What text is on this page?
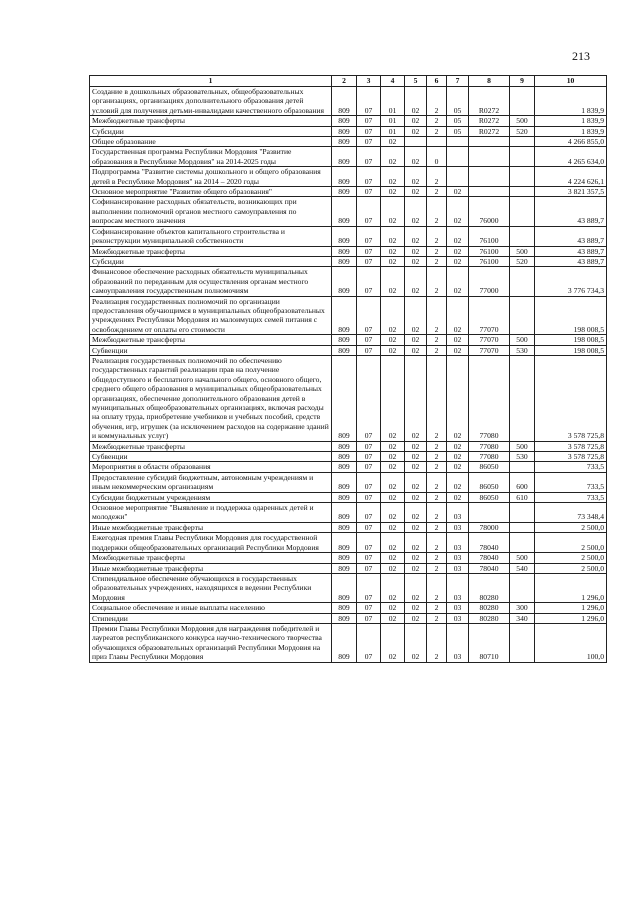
213
1	2	3	4	5	6	7	8	9	10
Создание в дошкольных образовательных, общеобразовательных организациях, организациях дополнительного образования детей условий для получения детьми-инвалидами качественного образования	809	07	01	02	2	05	R0272		1 839,9
Межбюджетные трансферты	809	07	01	02	2	05	R0272	500	1 839,9
Субсидии	809	07	01	02	2	05	R0272	520	1 839,9
Общее образование	809	07	02						4 266 855,0
Государственная программа Республики Мордовия "Развитие образования в Республике Мордовия" на 2014-2025 годы	809	07	02	02	0				4 265 634,0
Подпрограмма "Развитие системы дошкольного и общего образования детей в Республике Мордовия" на 2014 – 2020 годы	809	07	02	02	2				4 224 626,1
Основное мероприятие "Развитие общего образования"	809	07	02	02	2	02			3 821 357,5
Софинансирование расходных обязательств, возникающих при выполнении полномочий органов местного самоуправления по вопросам местного значения	809	07	02	02	2	02	76000		43 889,7
Софинансирование объектов капитального строительства и реконструкции муниципальной собственности	809	07	02	02	2	02	76100		43 889,7
Межбюджетные трансферты	809	07	02	02	2	02	76100	500	43 889,7
Субсидии	809	07	02	02	2	02	76100	520	43 889,7
Финансовое обеспечение расходных обязательств муниципальных образований по переданным для осуществления органам местного самоуправления государственным полномочиям	809	07	02	02	2	02	77000		3 776 734,3
Реализация государственных полномочий по организации предоставления обучающимся в муниципальных общеобразовательных учреждениях Республики Мордовия из малоимущих семей питания с освобождением от оплаты его стоимости	809	07	02	02	2	02	77070		198 008,5
Межбюджетные трансферты	809	07	02	02	2	02	77070	500	198 008,5
Субвенции	809	07	02	02	2	02	77070	530	198 008,5
Реализация государственных полномочий по обеспечению государственных гарантий реализации прав на получение общедоступного и бесплатного начального общего, основного общего, среднего общего образования в муниципальных общеобразовательных организациях, обеспечение дополнительного образования детей в муниципальных общеобразовательных организациях, включая расходы на оплату труда, приобретение учебников и учебных пособий, средств обучения, игр, игрушек (за исключением расходов на содержание зданий и коммунальных услуг)	809	07	02	02	2	02	77080		3 578 725,8
Межбюджетные трансферты	809	07	02	02	2	02	77080	500	3 578 725,8
Субвенции	809	07	02	02	2	02	77080	530	3 578 725,8
Мероприятия в области образования	809	07	02	02	2	02	86050		733,5
Предоставление субсидий бюджетным, автономным учреждениям и иным некоммерческим организациям	809	07	02	02	2	02	86050	600	733,5
Субсидии бюджетным учреждениям	809	07	02	02	2	02	86050	610	733,5
Основное мероприятие "Выявление и поддержка одаренных детей и молодежи"	809	07	02	02	2	03			73 348,4
Иные межбюджетные трансферты	809	07	02	02	2	03	78000		2 500,0
Ежегодная премия Главы Республики Мордовия для государственной поддержки общеобразовательных организаций Республики Мордовия	809	07	02	02	2	03	78040		2 500,0
Межбюджетные трансферты	809	07	02	02	2	03	78040	500	2 500,0
Иные межбюджетные трансферты	809	07	02	02	2	03	78040	540	2 500,0
Стипендиальное обеспечение обучающихся в государственных образовательных учреждениях, находящихся в ведении Республики Мордовия	809	07	02	02	2	03	80280		1 296,0
Социальное обеспечение и иные выплаты населению	809	07	02	02	2	03	80280	300	1 296,0
Стипендии	809	07	02	02	2	03	80280	340	1 296,0
Премии Главы Республики Мордовия для награждения победителей и лауреатов республиканского конкурса научно-технического творчества обучающихся образовательных организаций Республики Мордовия на приз Главы Республики Мордовия	809	07	02	02	2	03	80710		100,0
